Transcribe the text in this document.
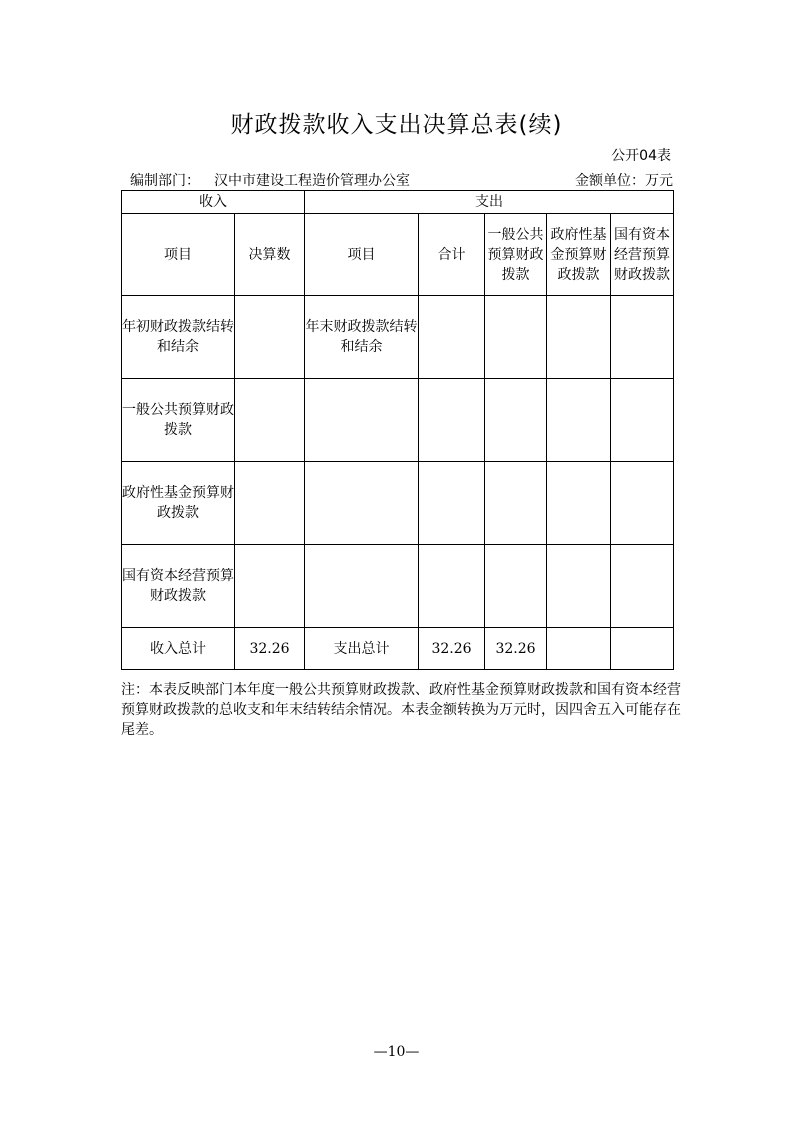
财政拨款收入支出决算总表(续)
公开04表
编制部门： 汉中市建设工程造价管理办公室	金额单位：万元
收入		支出				
项目	决算数	项目	合计	一般公共预算财政拨款	政府性基金预算财政拨款	国有资本经营预算财政拨款
年初财政拨款结转和结余		年末财政拨款结转和结余				
一般公共预算财政拨款						
政府性基金预算财政拨款						
国有资本经营预算财政拨款						
收入总计	32.26	支出总计	32.26	32.26		
注：本表反映部门本年度一般公共预算财政拨款、政府性基金预算财政拨款和国有资本经营预算财政拨款的总收支和年末结转结余情况。本表金额转换为万元时，因四舍五入可能存在尾差。
—10—
